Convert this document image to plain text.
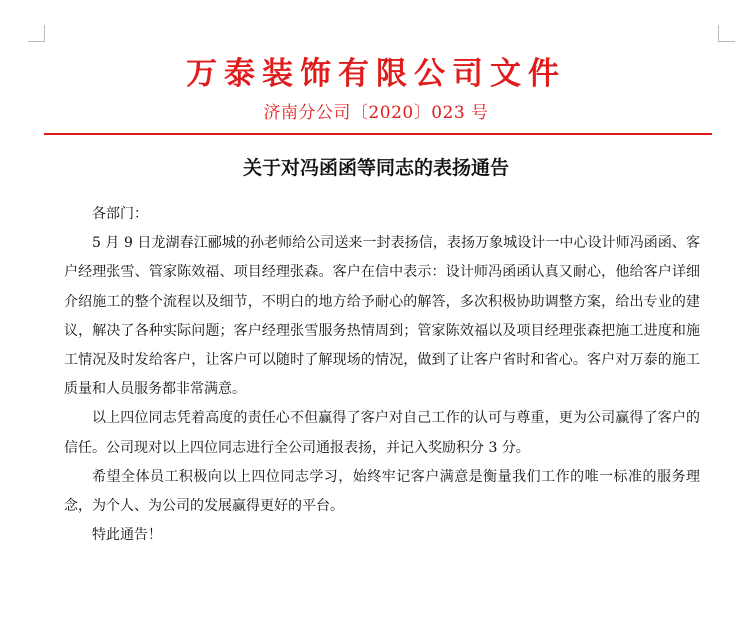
万泰装饰有限公司文件
济南分公司〔2020〕023 号
关于对冯函函等同志的表扬通告

各部门：

5 月 9 日龙湖春江郦城的孙老师给公司送来一封表扬信，表扬万象城设计一中心设计师冯函函、客户经理张雪、管家陈效福、项目经理张森。客户在信中表示：设计师冯函函认真又耐心，他给客户详细介绍施工的整个流程以及细节，不明白的地方给予耐心的解答，多次积极协助调整方案，给出专业的建议，解决了各种实际问题；客户经理张雪服务热情周到；管家陈效福以及项目经理张森把施工进度和施工情况及时发给客户，让客户可以随时了解现场的情况，做到了让客户省时和省心。客户对万泰的施工质量和人员服务都非常满意。

以上四位同志凭着高度的责任心不但赢得了客户对自己工作的认可与尊重，更为公司赢得了客户的信任。公司现对以上四位同志进行全公司通报表扬，并记入奖励积分 3 分。

希望全体员工积极向以上四位同志学习，始终牢记客户满意是衡量我们工作的唯一标准的服务理念，为个人、为公司的发展赢得更好的平台。

特此通告！
